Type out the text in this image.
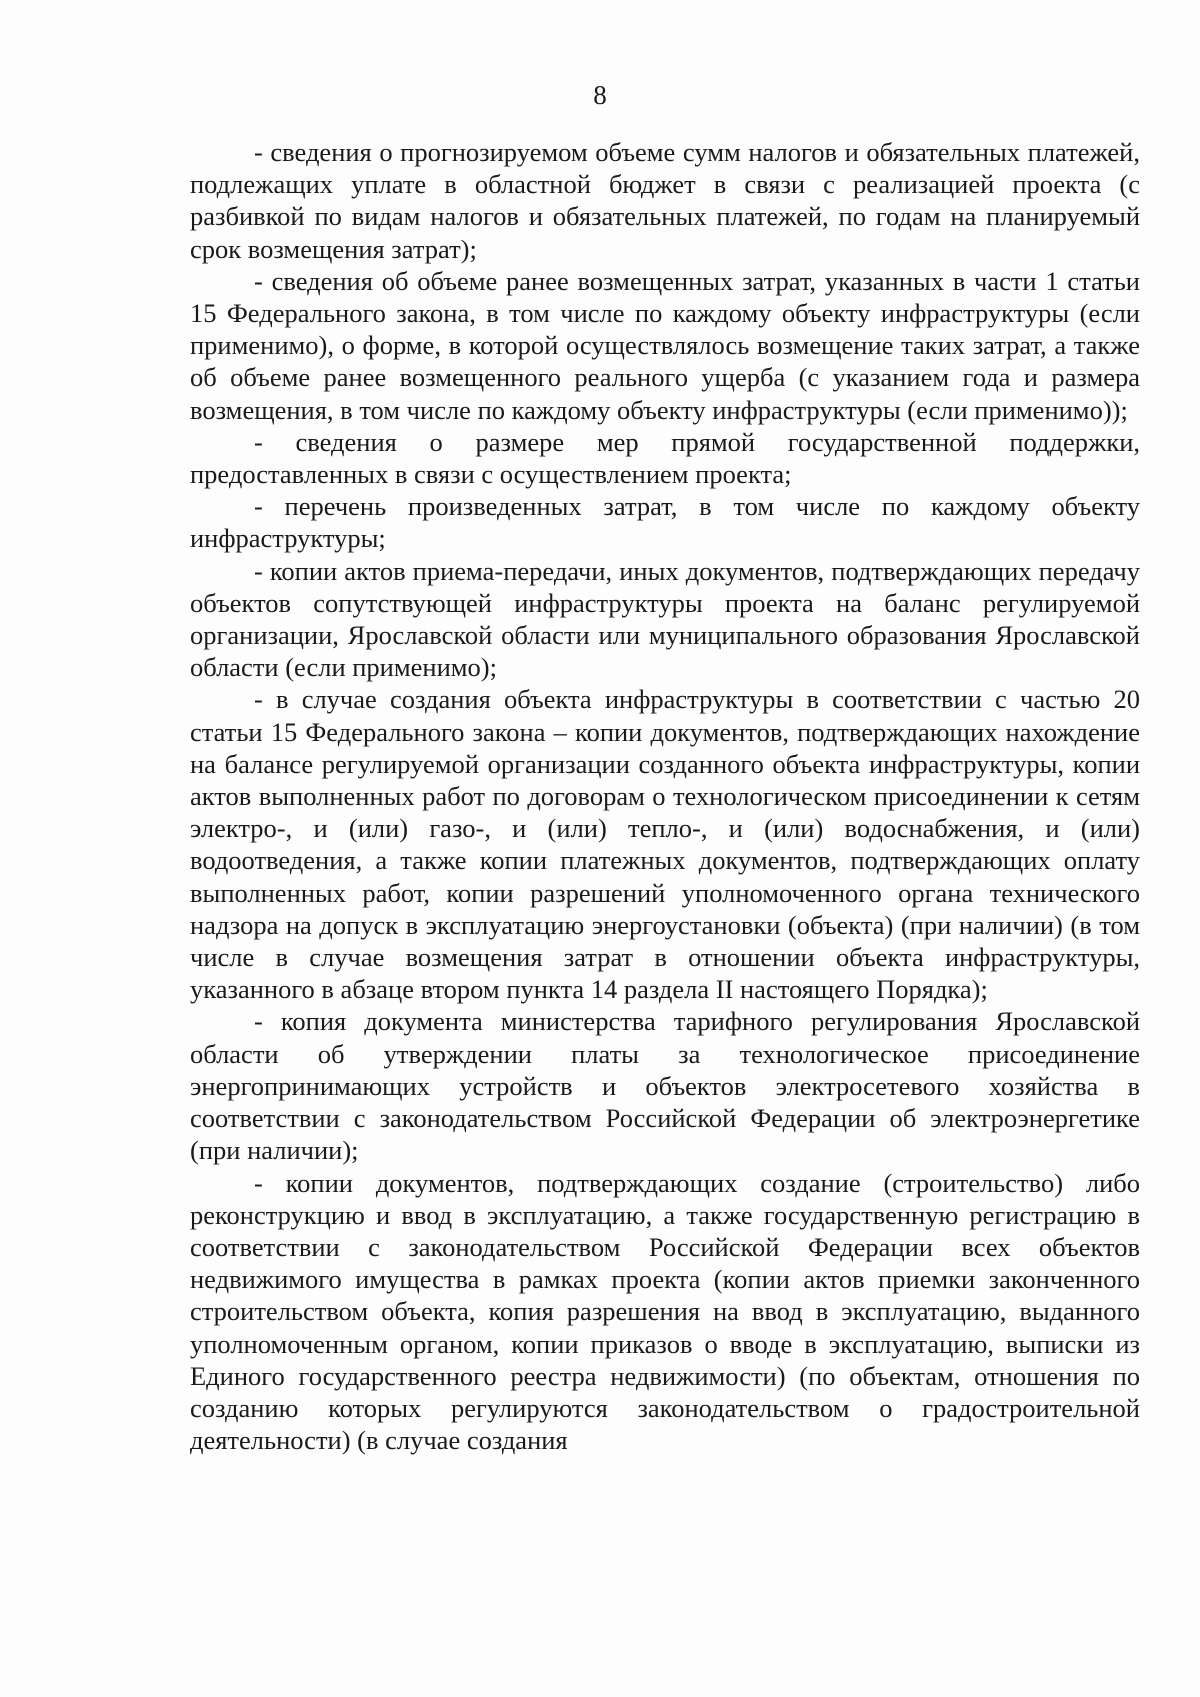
8

- сведения о прогнозируемом объеме сумм налогов и обязательных платежей, подлежащих уплате в областной бюджет в связи с реализацией проекта (с разбивкой по видам налогов и обязательных платежей, по годам на планируемый срок возмещения затрат);

- сведения об объеме ранее возмещенных затрат, указанных в части 1 статьи 15 Федерального закона, в том числе по каждому объекту инфраструктуры (если применимо), о форме, в которой осуществлялось возмещение таких затрат, а также об объеме ранее возмещенного реального ущерба (с указанием года и размера возмещения, в том числе по каждому объекту инфраструктуры (если применимо));

- сведения о размере мер прямой государственной поддержки, предоставленных в связи с осуществлением проекта;

- перечень произведенных затрат, в том числе по каждому объекту инфраструктуры;

- копии актов приема-передачи, иных документов, подтверждающих передачу объектов сопутствующей инфраструктуры проекта на баланс регулируемой организации, Ярославской области или муниципального образования Ярославской области (если применимо);

- в случае создания объекта инфраструктуры в соответствии с частью 20 статьи 15 Федерального закона – копии документов, подтверждающих нахождение на балансе регулируемой организации созданного объекта инфраструктуры, копии актов выполненных работ по договорам о технологическом присоединении к сетям электро-, и (или) газо-, и (или) тепло-, и (или) водоснабжения, и (или) водоотведения, а также копии платежных документов, подтверждающих оплату выполненных работ, копии разрешений уполномоченного органа технического надзора на допуск в эксплуатацию энергоустановки (объекта) (при наличии) (в том числе в случае возмещения затрат в отношении объекта инфраструктуры, указанного в абзаце втором пункта 14 раздела II настоящего Порядка);

- копия документа министерства тарифного регулирования Ярославской области об утверждении платы за технологическое присоединение энергопринимающих устройств и объектов электросетевого хозяйства в соответствии с законодательством Российской Федерации об электроэнергетике (при наличии);

- копии документов, подтверждающих создание (строительство) либо реконструкцию и ввод в эксплуатацию, а также государственную регистрацию в соответствии с законодательством Российской Федерации всех объектов недвижимого имущества в рамках проекта (копии актов приемки законченного строительством объекта, копия разрешения на ввод в эксплуатацию, выданного уполномоченным органом, копии приказов о вводе в эксплуатацию, выписки из Единого государственного реестра недвижимости) (по объектам, отношения по созданию которых регулируются законодательством о градостроительной деятельности) (в случае создания
